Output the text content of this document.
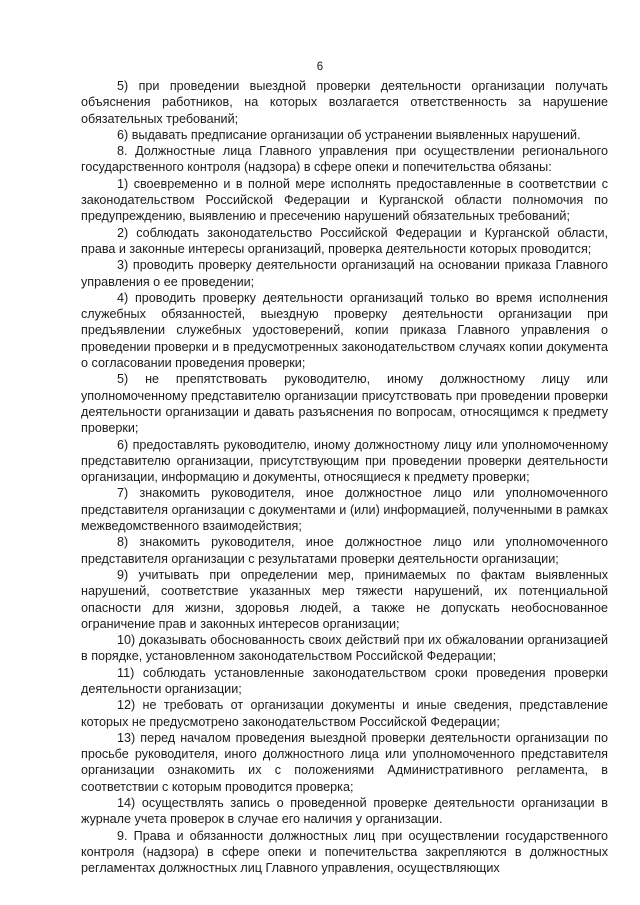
6

5) при проведении выездной проверки деятельности организации получать объяснения работников, на которых возлагается ответственность за нарушение обязательных требований;

6) выдавать предписание организации об устранении выявленных нарушений.

8. Должностные лица Главного управления при осуществлении регионального государственного контроля (надзора) в сфере опеки и попечительства обязаны:

1) своевременно и в полной мере исполнять предоставленные в соответствии с законодательством Российской Федерации и Курганской области полномочия по предупреждению, выявлению и пресечению нарушений обязательных требований;

2) соблюдать законодательство Российской Федерации и Курганской области, права и законные интересы организаций, проверка деятельности которых проводится;

3) проводить проверку деятельности организаций на основании приказа Главного управления о ее проведении;

4) проводить проверку деятельности организаций только во время исполнения служебных обязанностей, выездную проверку деятельности организации при предъявлении служебных удостоверений, копии приказа Главного управления о проведении проверки и в предусмотренных законодательством случаях копии документа о согласовании проведения проверки;

5) не препятствовать руководителю, иному должностному лицу или уполномоченному представителю организации присутствовать при проведении проверки деятельности организации и давать разъяснения по вопросам, относящимся к предмету проверки;

6) предоставлять руководителю, иному должностному лицу или уполномоченному представителю организации, присутствующим при проведении проверки деятельности организации, информацию и документы, относящиеся к предмету проверки;

7) знакомить руководителя, иное должностное лицо или уполномоченного представителя организации с документами и (или) информацией, полученными в рамках межведомственного взаимодействия;

8) знакомить руководителя, иное должностное лицо или уполномоченного представителя организации с результатами проверки деятельности организации;

9) учитывать при определении мер, принимаемых по фактам выявленных нарушений, соответствие указанных мер тяжести нарушений, их потенциальной опасности для жизни, здоровья людей, а также не допускать необоснованное ограничение прав и законных интересов организации;

10) доказывать обоснованность своих действий при их обжаловании организацией в порядке, установленном законодательством Российской Федерации;

11) соблюдать установленные законодательством сроки проведения проверки деятельности организации;

12) не требовать от организации документы и иные сведения, представление которых не предусмотрено законодательством Российской Федерации;

13) перед началом проведения выездной проверки деятельности организации по просьбе руководителя, иного должностного лица или уполномоченного представителя организации ознакомить их с положениями Административного регламента, в соответствии с которым проводится проверка;

14) осуществлять запись о проведенной проверке деятельности организации в журнале учета проверок в случае его наличия у организации.

9. Права и обязанности должностных лиц при осуществлении государственного контроля (надзора) в сфере опеки и попечительства закрепляются в должностных регламентах должностных лиц Главного управления, осуществляющих
